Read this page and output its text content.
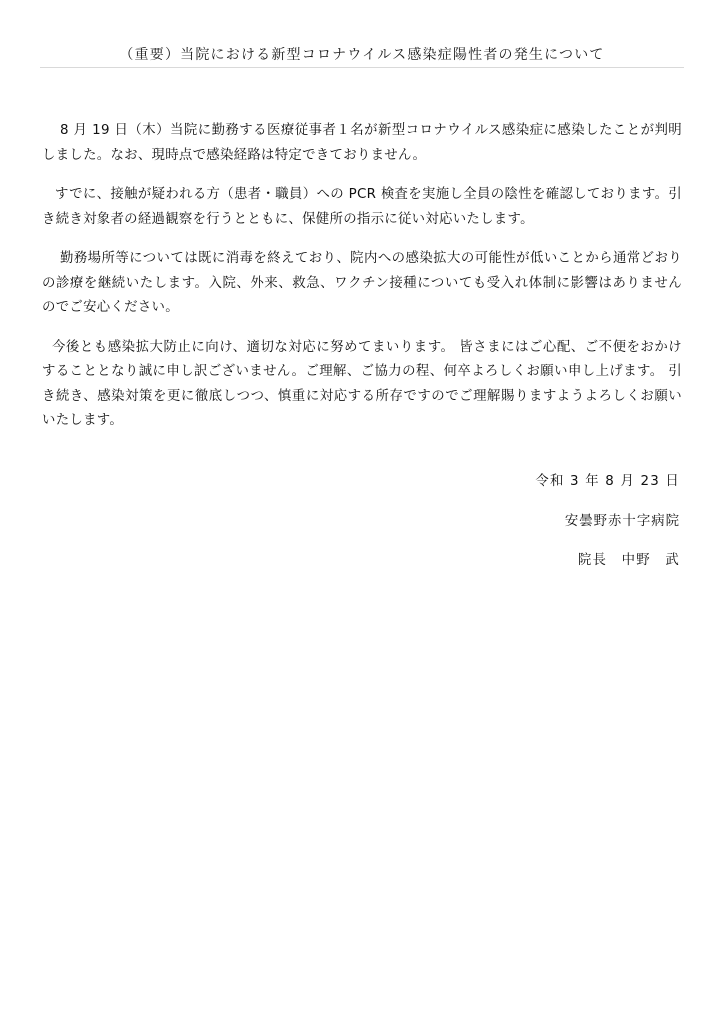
（重要）当院における新型コロナウイルス感染症陽性者の発生について

8 月 19 日（木）当院に勤務する医療従事者１名が新型コロナウイルス感染症に感染したことが判明しました。なお、現時点で感染経路は特定できておりません。

すでに、接触が疑われる方（患者・職員）への PCR 検査を実施し全員の陰性を確認しております。引き続き対象者の経過観察を行うとともに、保健所の指示に従い対応いたします。

勤務場所等については既に消毒を終えており、院内への感染拡大の可能性が低いことから通常どおりの診療を継続いたします。入院、外来、救急、ワクチン接種についても受入れ体制に影響はありませんのでご安心ください。

今後とも感染拡大防止に向け、適切な対応に努めてまいります。 皆さまにはご心配、ご不便をおかけすることとなり誠に申し訳ございません。ご理解、ご協力の程、何卒よろしくお願い申し上げます。 引き続き、感染対策を更に徹底しつつ、慎重に対応する所存ですのでご理解賜りますようよろしくお願いいたします。

令和 3 年 8 月 23 日
安曇野赤十字病院
院長　中野　武
